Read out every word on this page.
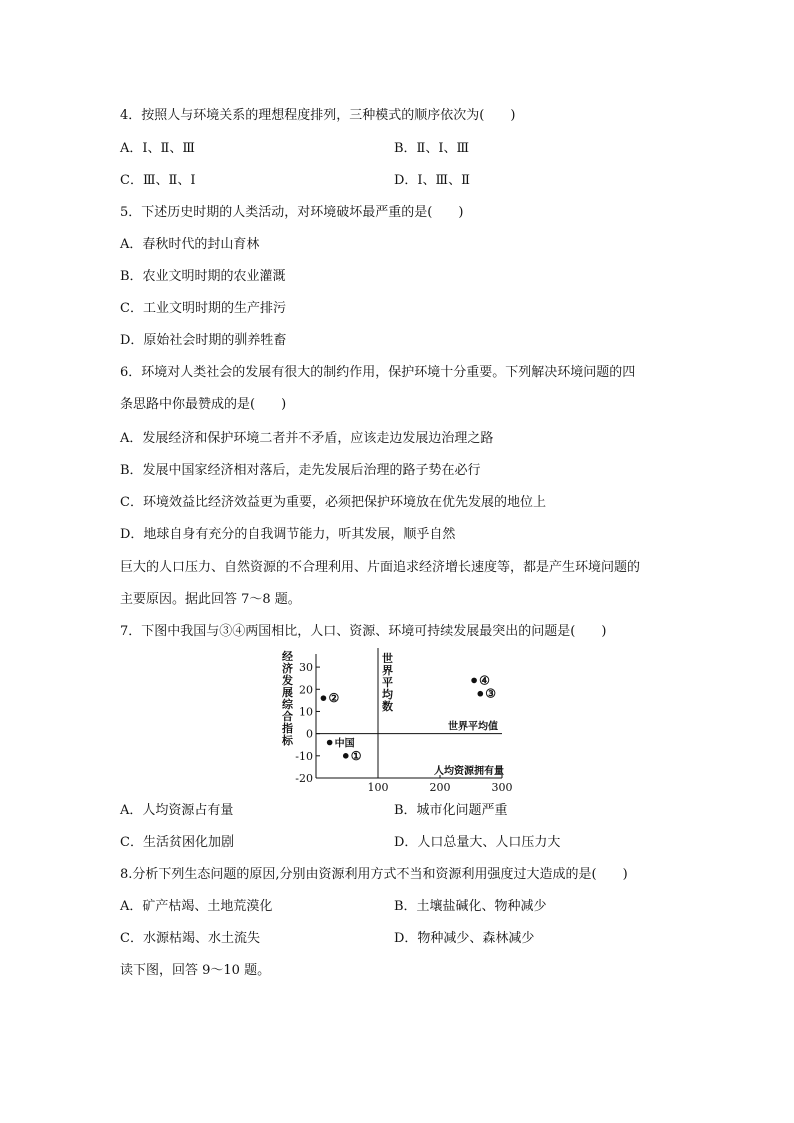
4．按照人与环境关系的理想程度排列，三种模式的顺序依次为(　　)
A．Ⅰ、Ⅱ、Ⅲ	B．Ⅱ、Ⅰ、Ⅲ
C．Ⅲ、Ⅱ、Ⅰ	D．Ⅰ、Ⅲ、Ⅱ
5．下述历史时期的人类活动，对环境破坏最严重的是(　　)
A．春秋时代的封山育林
B．农业文明时期的农业灌溉
C．工业文明时期的生产排污
D．原始社会时期的驯养牲畜
6．环境对人类社会的发展有很大的制约作用，保护环境十分重要。下列解决环境问题的四
条思路中你最赞成的是(　　)
A．发展经济和保护环境二者并不矛盾，应该走边发展边治理之路
B．发展中国家经济相对落后，走先发展后治理的路子势在必行
C．环境效益比经济效益更为重要，必须把保护环境放在优先发展的地位上
D．地球自身有充分的自我调节能力，听其发展，顺乎自然
巨大的人口压力、自然资源的不合理利用、片面追求经济增长速度等，都是产生环境问题的
主要原因。据此回答 7～8 题。
7．下图中我国与③④两国相比，人口、资源、环境可持续发展最突出的问题是(　　)
经
济
发
展
综
合
指
标
30
20
10
0
-10
-20
100	200	300
世
界
平
均
数
世界平均值
人均资源拥有量
②
中国
①
④
③
A．人均资源占有量	B．城市化问题严重
C．生活贫困化加剧	D．人口总量大、人口压力大
8.分析下列生态问题的原因,分别由资源利用方式不当和资源利用强度过大造成的是(　　)
A．矿产枯竭、土地荒漠化	B．土壤盐碱化、物种减少
C．水源枯竭、水土流失	D．物种减少、森林减少
读下图，回答 9～10 题。
